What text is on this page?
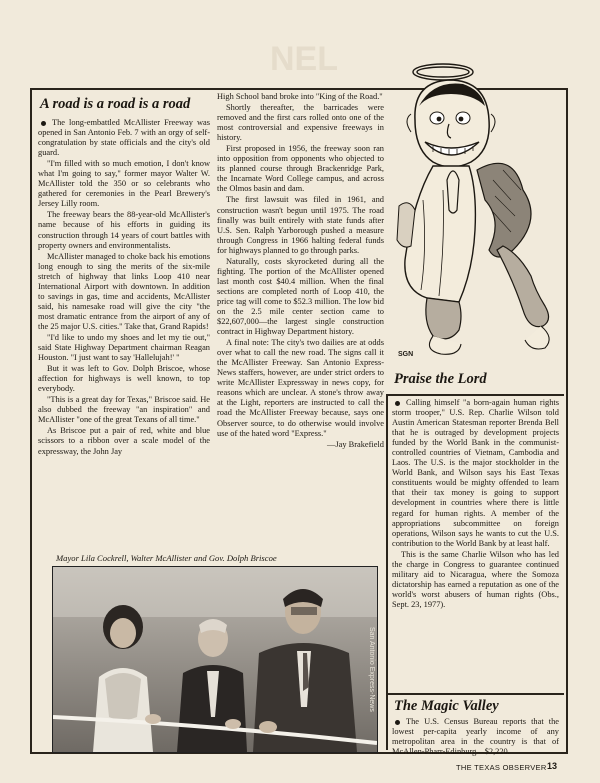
NEL
A road is a road is a road

The long-embattled McAllister Freeway was opened in San Antonio Feb. 7 with an orgy of self-congratulation by state officials and the city's old guard.

"I'm filled with so much emotion, I don't know what I'm going to say," former mayor Walter W. McAllister told the 350 or so celebrants who gathered for ceremonies in the Pearl Brewery's Jersey Lilly room.

The freeway bears the 88-year-old McAllister's name because of his efforts in guiding its construction through 14 years of court battles with property owners and environmentalists.

McAllister managed to choke back his emotions long enough to sing the merits of the six-mile stretch of highway that links Loop 410 near International Airport with downtown. In addition to savings in gas, time and accidents, McAllister said, his namesake road will give the city "the most dramatic entrance from the airport of any of the 25 major U.S. cities." Take that, Grand Rapids!

"I'd like to undo my shoes and let my tie out," said State Highway Department chairman Reagan Houston. "I just want to say 'Hallelujah!' "

But it was left to Gov. Dolph Briscoe, whose affection for highways is well known, to top everybody.

"This is a great day for Texas," Briscoe said. He also dubbed the freeway "an inspiration" and McAllister "one of the great Texans of all time."

As Briscoe put a pair of red, white and blue scissors to a ribbon over a scale model of the expressway, the John Jay

High School band broke into "King of the Road."

Shortly thereafter, the barricades were removed and the first cars rolled onto one of the most controversial and expensive freeways in history.

First proposed in 1956, the freeway soon ran into opposition from opponents who objected to its planned course through Brackenridge Park, the Incarnate Word College campus, and across the Olmos basin and dam.

The first lawsuit was filed in 1961, and construction wasn't begun until 1975. The road finally was built entirely with state funds after U.S. Sen. Ralph Yarborough pushed a measure through Congress in 1966 halting federal funds for highways planned to go through parks.

Naturally, costs skyrocketed during all the fighting. The portion of the McAllister opened last month cost $40.4 million. When the final sections are completed north of Loop 410, the price tag will come to $52.3 million. The low bid on the 2.5 mile center section came to $22,607,000—the largest single construction contract in Highway Department history.

A final note: The city's two dailies are at odds over what to call the new road. The signs call it the McAllister Freeway. San Antonio Express-News staffers, however, are under strict orders to write McAllister Expressway in news copy, for reasons which are unclear. A stone's throw away at the Light, reporters are instructed to call the road the McAllister Freeway because, says one Observer source, to do otherwise would involve use of the hated word "Express."

—Jay Brakefield

Mayor Lila Cockrell, Walter McAllister and Gov. Dolph Briscoe
San Antonio Express-News
SGN
Praise the Lord

Calling himself "a born-again human rights storm trooper," U.S. Rep. Charlie Wilson told Austin American Statesman reporter Brenda Bell that he is outraged by development projects funded by the World Bank in the communist-controlled countries of Vietnam, Cambodia and Laos. The U.S. is the major stockholder in the World Bank, and Wilson says his East Texas constituents would be mighty offended to learn that their tax money is going to support development in countries where there is little regard for human rights. A member of the appropriations subcommittee on foreign operations, Wilson says he wants to cut the U.S. contribution to the World Bank by at least half.

This is the same Charlie Wilson who has led the charge in Congress to guarantee continued military aid to Nicaragua, where the Somoza dictatorship has earned a reputation as one of the world's worst abusers of human rights (Obs., Sept. 23, 1977).

The Magic Valley

The U.S. Census Bureau reports that the lowest per-capita yearly income of any metropolitan area in the country is that of McAllen-Pharr-Edinburg—$2,220.

THE TEXAS OBSERVER 13
